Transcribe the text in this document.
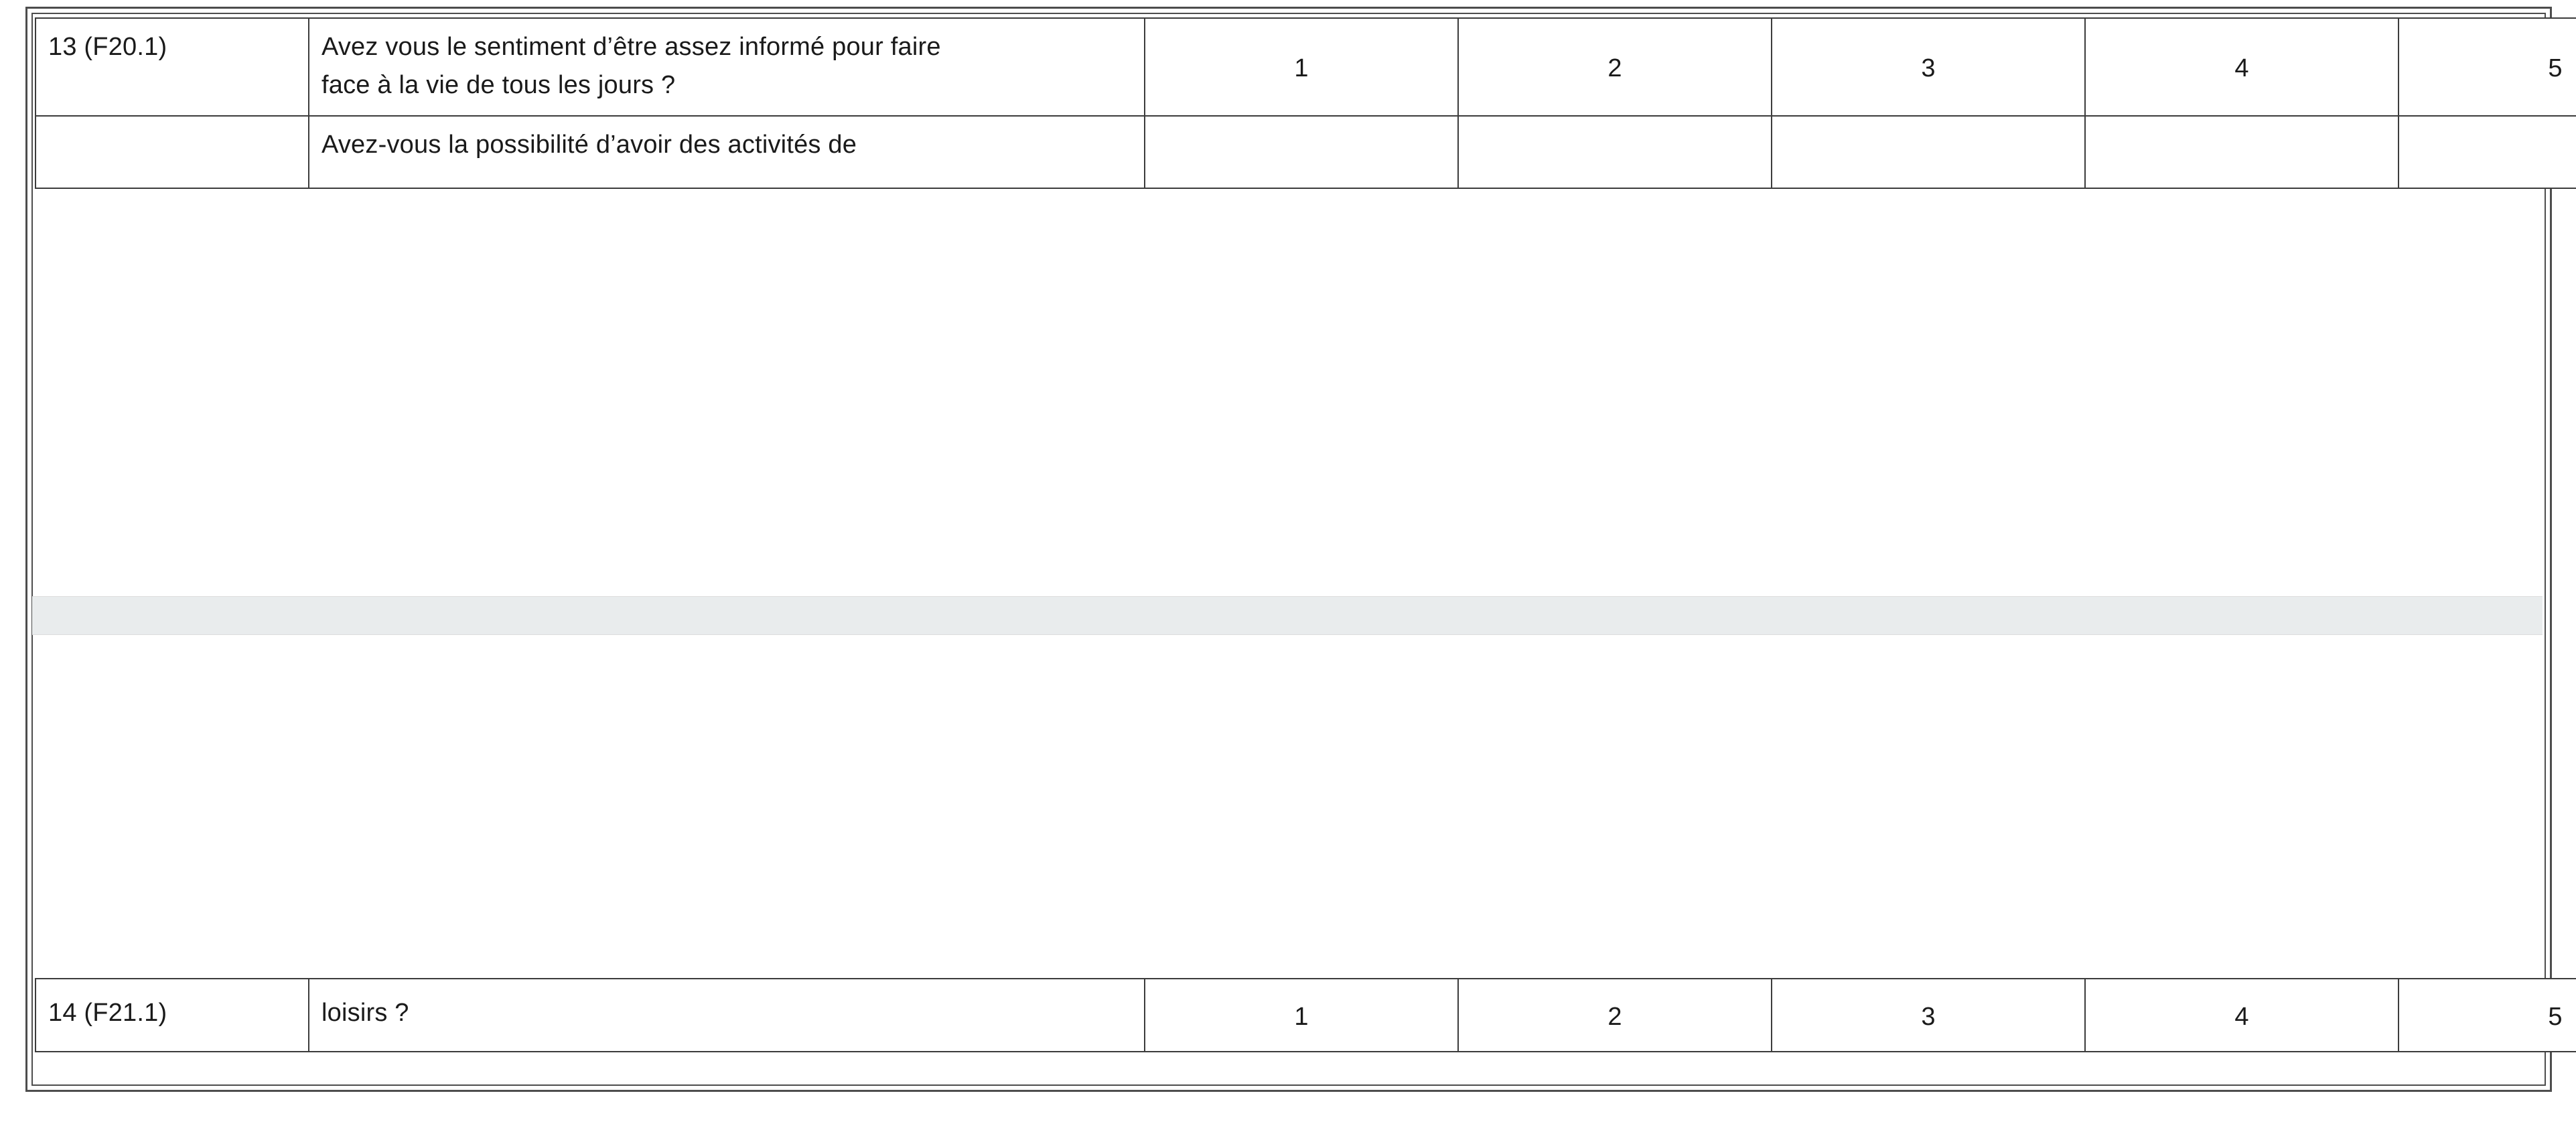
13 (F20.1)	Avez vous le sentiment d’être assez informé pour faire
face à la vie de tous les jours ?	1	2	3	4	5

	Avez-vous la possibilité d’avoir des activités de					

14 (F21.1)	loisirs ?	1	2	3	4	5
